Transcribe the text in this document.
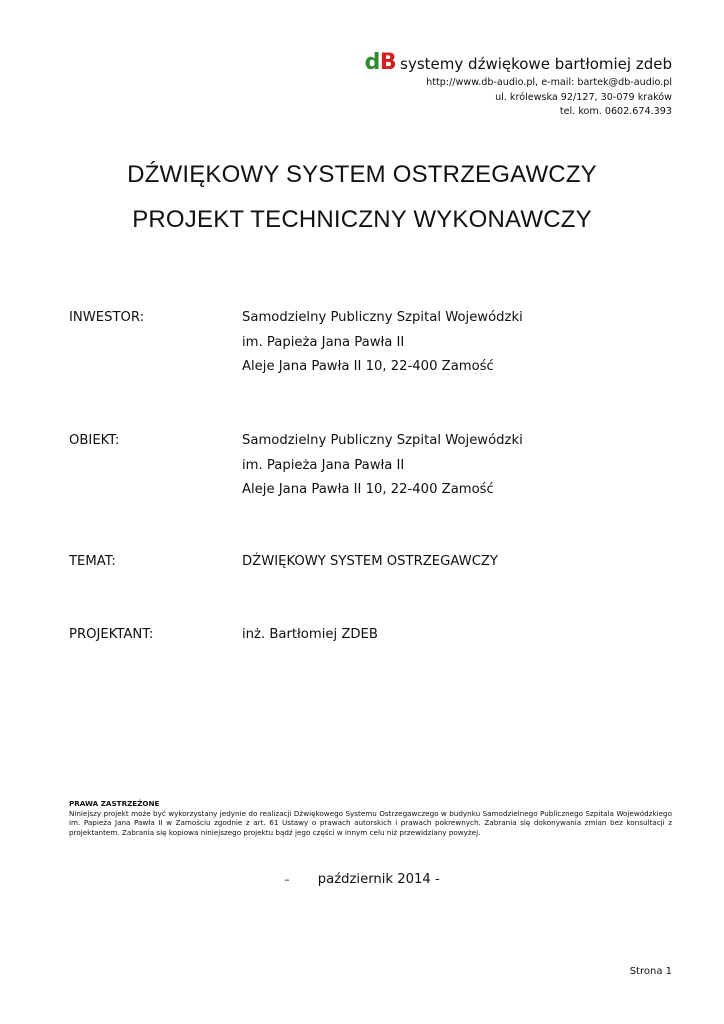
dB systemy dźwiękowe bartłomiej zdeb
http://www.db-audio.pl, e-mail: bartek@db-audio.pl
ul. królewska 92/127, 30-079 kraków
tel. kom. 0602.674.393
DŹWIĘKOWY SYSTEM OSTRZEGAWCZY
PROJEKT TECHNICZNY WYKONAWCZY
INWESTOR:	Samodzielny Publiczny Szpital Wojewódzki
im. Papieża Jana Pawła II
Aleje Jana Pawła II 10, 22-400 Zamość
OBIEKT:	Samodzielny Publiczny Szpital Wojewódzki
im. Papieża Jana Pawła II
Aleje Jana Pawła II 10, 22-400 Zamość
TEMAT:	DŹWIĘKOWY SYSTEM OSTRZEGAWCZY
PROJEKTANT:	inż. Bartłomiej ZDEB
PRAWA ZASTRZEŻONE
Niniejszy projekt może być wykorzystany jedynie do realizacji Dźwiękowego Systemu Ostrzegawczego w budynku Samodzielnego Publicznego Szpitala Wojewódzkiego im. Papieża Jana Pawła II w Zamościu zgodnie z art. 61 Ustawy o prawach autorskich i prawach pokrewnych. Zabrania się dokonywania zmian bez konsultacji z projektantem. Zabrania się kopiowa niniejszego projektu bądź jego części w innym celu niż przewidziany powyżej.
– październik 2014 -
Strona 1
